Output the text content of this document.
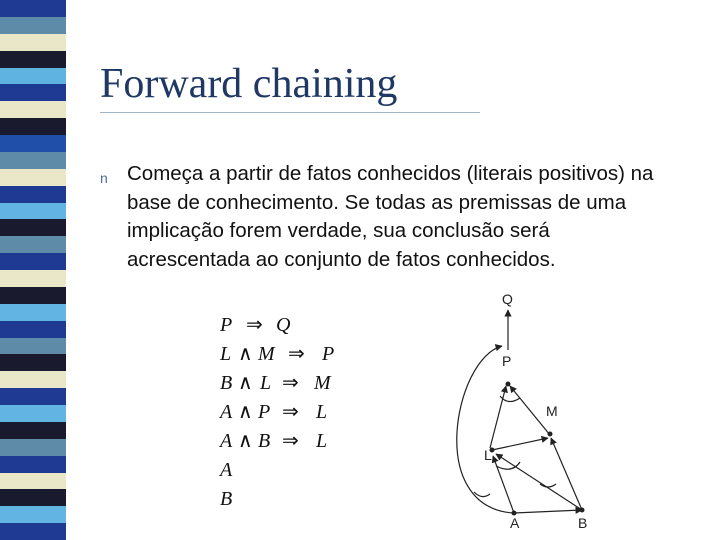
Forward chaining
n Começa a partir de fatos conhecidos (literais positivos) na base de conhecimento. Se todas as premissas de uma implicação forem verdade, sua conclusão será acrescentada ao conjunto de fatos conhecidos.
P ⇒ Q
L ∧ M ⇒ P
B ∧ L ⇒ M
A ∧ P ⇒ L
A ∧ B ⇒ L
A
B
Q
P
M
L
A	B
